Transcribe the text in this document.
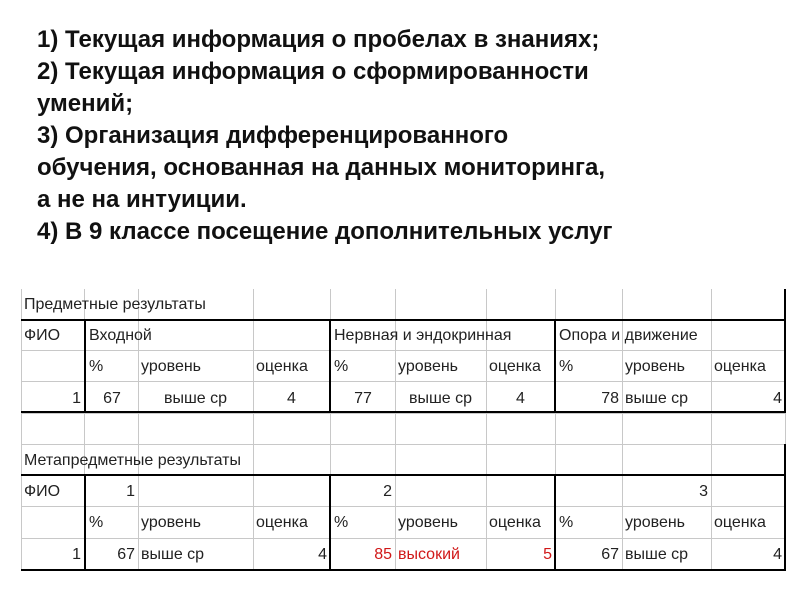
1) Текущая информация о пробелах в знаниях;
2) Текущая информация о сформированности
умений;
3) Организация дифференцированного
обучения, основанная на данных мониторинга,
а не на интуиции.
4) В 9 классе посещение дополнительных услуг
Предметные результаты
ФИО	Входной	Нервная и эндокринная	Опора и движение
%	уровень	оценка	%	уровень	оценка	%	уровень	оценка
1	67	выше ср	4	77	выше ср	4	78 выше ср	4
Метапредметные результаты
ФИО	1	2	3
%	уровень	оценка	%	уровень	оценка	%	уровень	оценка
1	67 выше ср	4	85 высокий	5	67 выше ср	4
